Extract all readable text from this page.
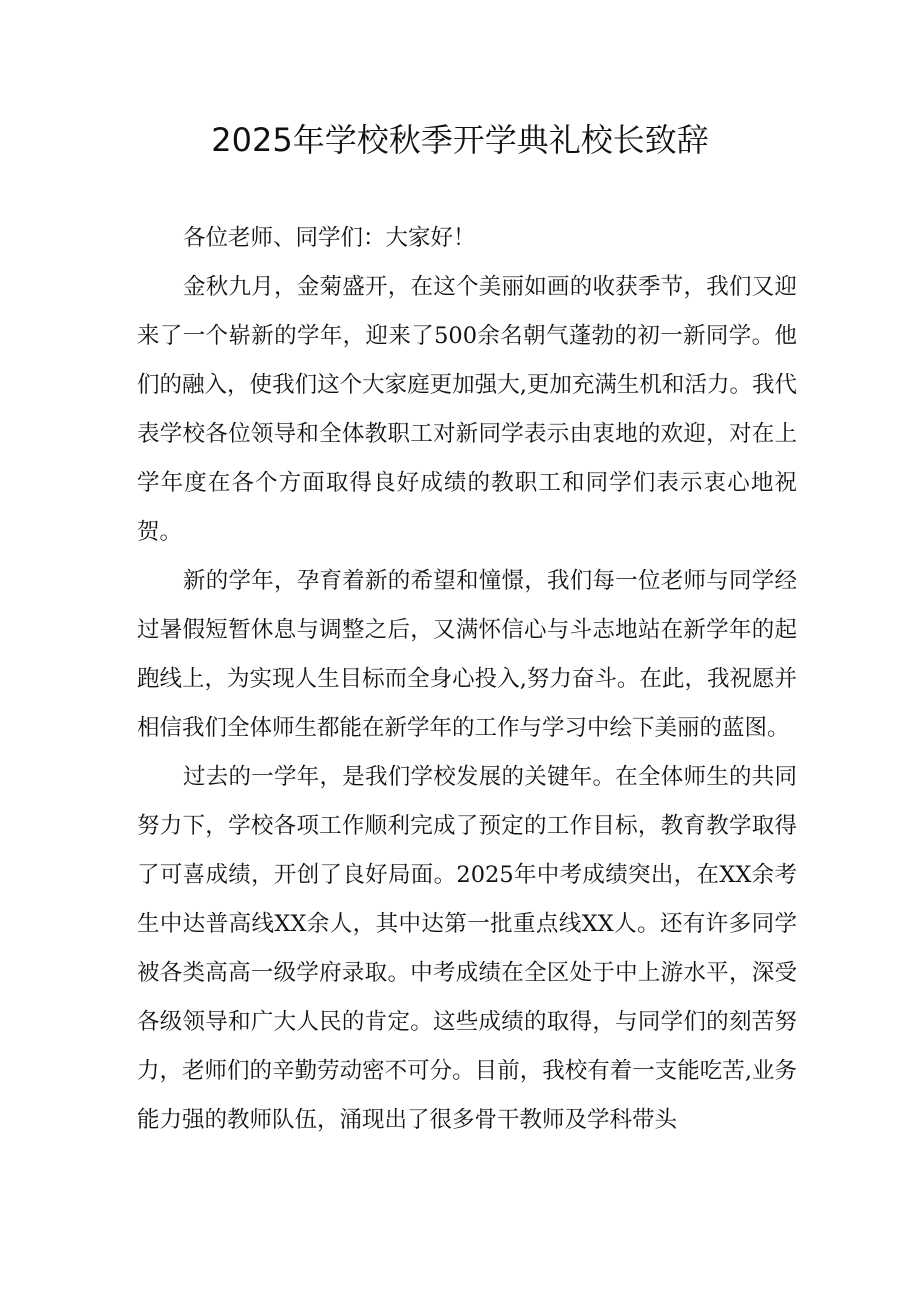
2025年学校秋季开学典礼校长致辞

各位老师、同学们：大家好！

金秋九月，金菊盛开，在这个美丽如画的收获季节，我们又迎来了一个崭新的学年，迎来了500余名朝气蓬勃的初一新同学。他们的融入，使我们这个大家庭更加强大,更加充满生机和活力。我代表学校各位领导和全体教职工对新同学表示由衷地的欢迎，对在上学年度在各个方面取得良好成绩的教职工和同学们表示衷心地祝贺。

新的学年，孕育着新的希望和憧憬，我们每一位老师与同学经过暑假短暂休息与调整之后，又满怀信心与斗志地站在新学年的起跑线上，为实现人生目标而全身心投入,努力奋斗。在此，我祝愿并相信我们全体师生都能在新学年的工作与学习中绘下美丽的蓝图。

过去的一学年，是我们学校发展的关键年。在全体师生的共同努力下，学校各项工作顺利完成了预定的工作目标，教育教学取得了可喜成绩，开创了良好局面。2025年中考成绩突出，在XX余考生中达普高线XX余人，其中达第一批重点线XX人。还有许多同学被各类高高一级学府录取。中考成绩在全区处于中上游水平，深受各级领导和广大人民的肯定。这些成绩的取得，与同学们的刻苦努力，老师们的辛勤劳动密不可分。目前，我校有着一支能吃苦,业务能力强的教师队伍，涌现出了很多骨干教师及学科带头
